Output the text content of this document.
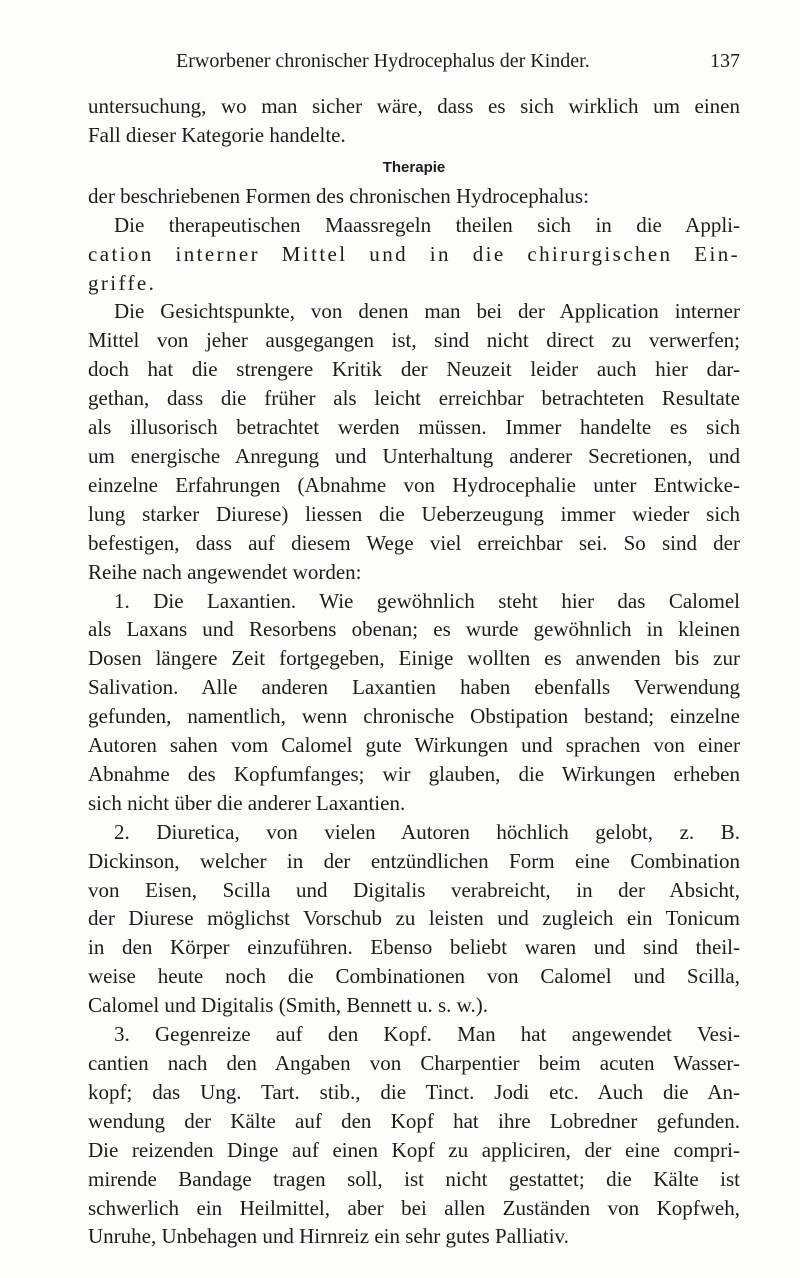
Erworbener chronischer Hydrocephalus der Kinder.	137
untersuchung, wo man sicher wäre, dass es sich wirklich um einen
Fall dieser Kategorie handelte.
Therapie
der beschriebenen Formen des chronischen Hydrocephalus:
Die therapeutischen Maassregeln theilen sich in die Appli-
cation interner Mittel und in die chirurgischen Ein-
griffe.
Die Gesichtspunkte, von denen man bei der Application interner
Mittel von jeher ausgegangen ist, sind nicht direct zu verwerfen;
doch hat die strengere Kritik der Neuzeit leider auch hier dar-
gethan, dass die früher als leicht erreichbar betrachteten Resultate
als illusorisch betrachtet werden müssen. Immer handelte es sich
um energische Anregung und Unterhaltung anderer Secretionen, und
einzelne Erfahrungen (Abnahme von Hydrocephalie unter Entwicke-
lung starker Diurese) liessen die Ueberzeugung immer wieder sich
befestigen, dass auf diesem Wege viel erreichbar sei. So sind der
Reihe nach angewendet worden:
1. Die Laxantien. Wie gewöhnlich steht hier das Calomel
als Laxans und Resorbens obenan; es wurde gewöhnlich in kleinen
Dosen längere Zeit fortgegeben, Einige wollten es anwenden bis zur
Salivation. Alle anderen Laxantien haben ebenfalls Verwendung
gefunden, namentlich, wenn chronische Obstipation bestand; einzelne
Autoren sahen vom Calomel gute Wirkungen und sprachen von einer
Abnahme des Kopfumfanges; wir glauben, die Wirkungen erheben
sich nicht über die anderer Laxantien.
2. Diuretica, von vielen Autoren höchlich gelobt, z. B.
Dickinson, welcher in der entzündlichen Form eine Combination
von Eisen, Scilla und Digitalis verabreicht, in der Absicht,
der Diurese möglichst Vorschub zu leisten und zugleich ein Tonicum
in den Körper einzuführen. Ebenso beliebt waren und sind theil-
weise heute noch die Combinationen von Calomel und Scilla,
Calomel und Digitalis (Smith, Bennett u. s. w.).
3. Gegenreize auf den Kopf. Man hat angewendet Vesi-
cantien nach den Angaben von Charpentier beim acuten Wasser-
kopf; das Ung. Tart. stib., die Tinct. Jodi etc. Auch die An-
wendung der Kälte auf den Kopf hat ihre Lobredner gefunden.
Die reizenden Dinge auf einen Kopf zu appliciren, der eine compri-
mirende Bandage tragen soll, ist nicht gestattet; die Kälte ist
schwerlich ein Heilmittel, aber bei allen Zuständen von Kopfweh,
Unruhe, Unbehagen und Hirnreiz ein sehr gutes Palliativ.
